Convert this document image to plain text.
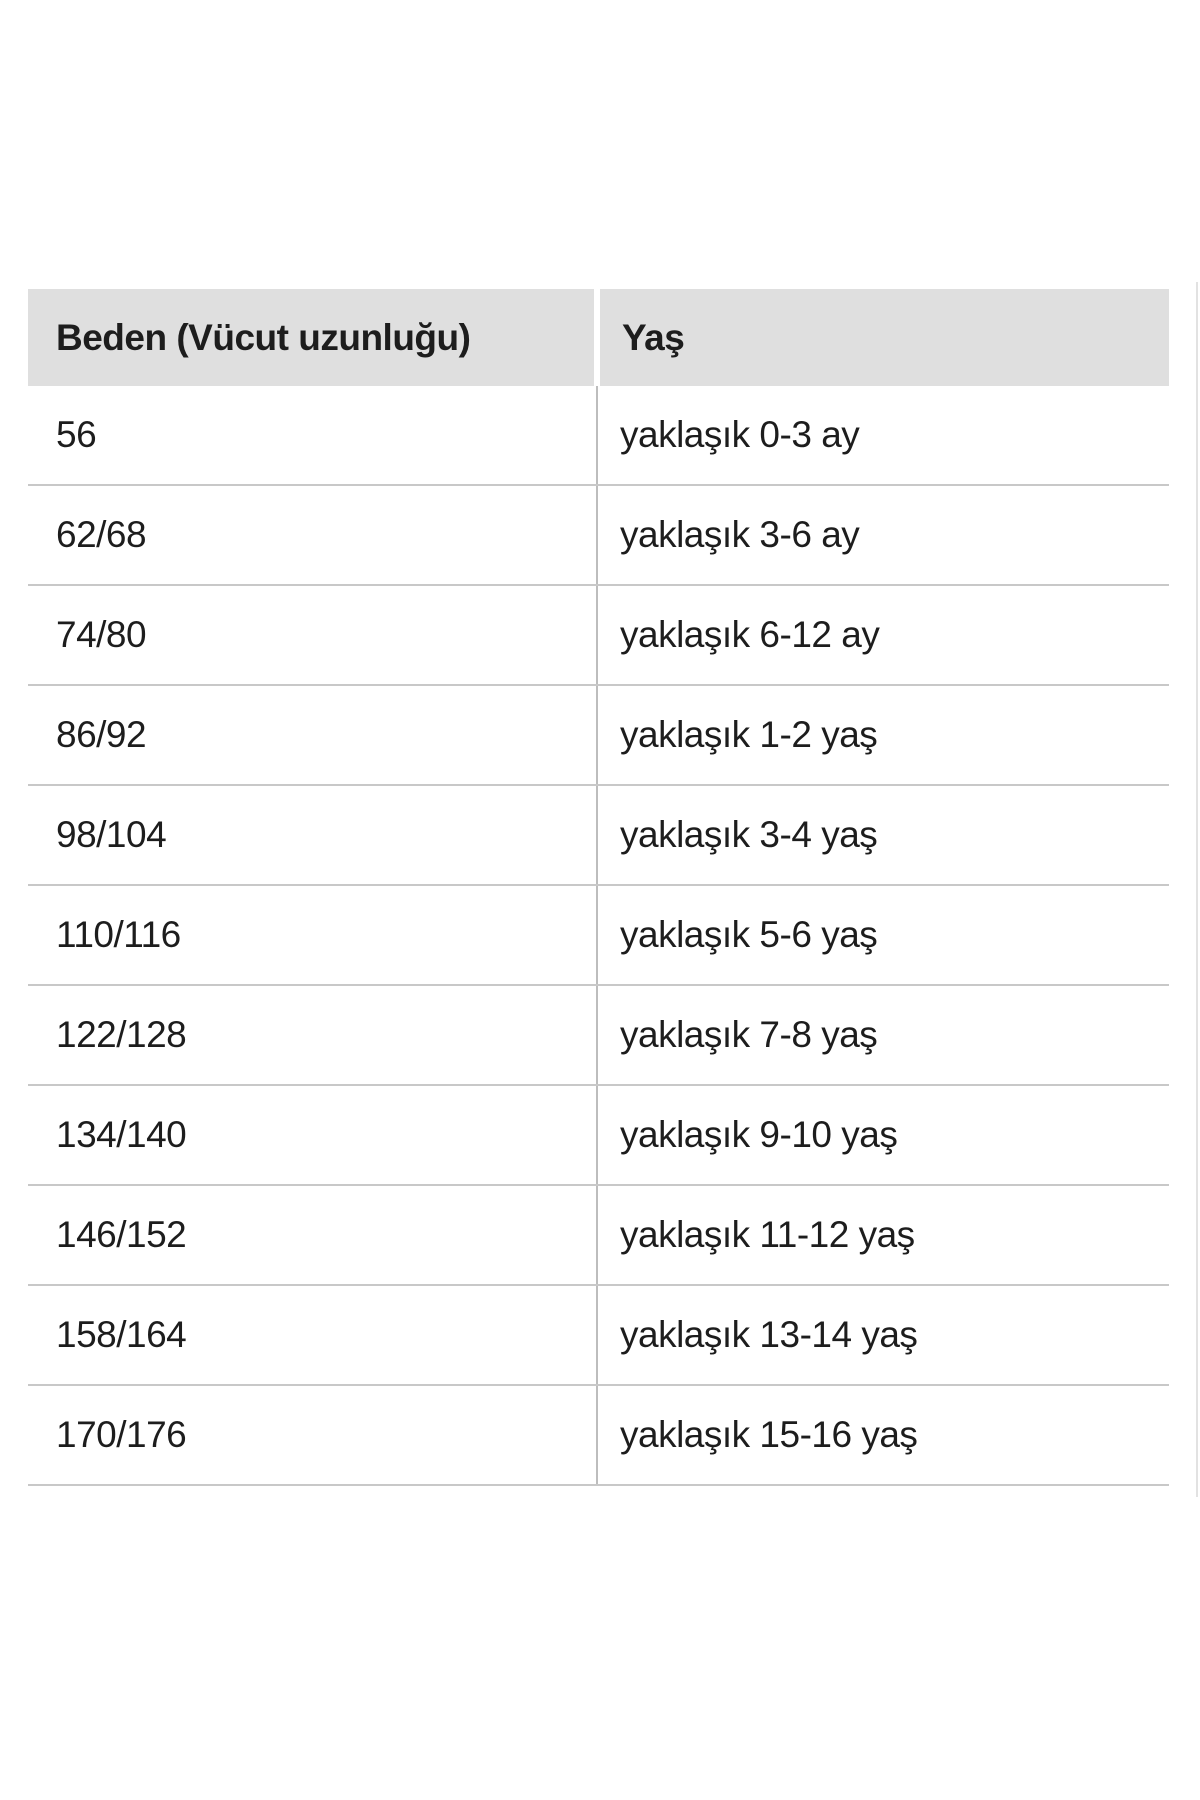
Beden (Vücut uzunluğu)	Yaş
56	yaklaşık 0-3 ay
62/68	yaklaşık 3-6 ay
74/80	yaklaşık 6-12 ay
86/92	yaklaşık 1-2 yaş
98/104	yaklaşık 3-4 yaş
110/116	yaklaşık 5-6 yaş
122/128	yaklaşık 7-8 yaş
134/140	yaklaşık 9-10 yaş
146/152	yaklaşık 11-12 yaş
158/164	yaklaşık 13-14 yaş
170/176	yaklaşık 15-16 yaş
